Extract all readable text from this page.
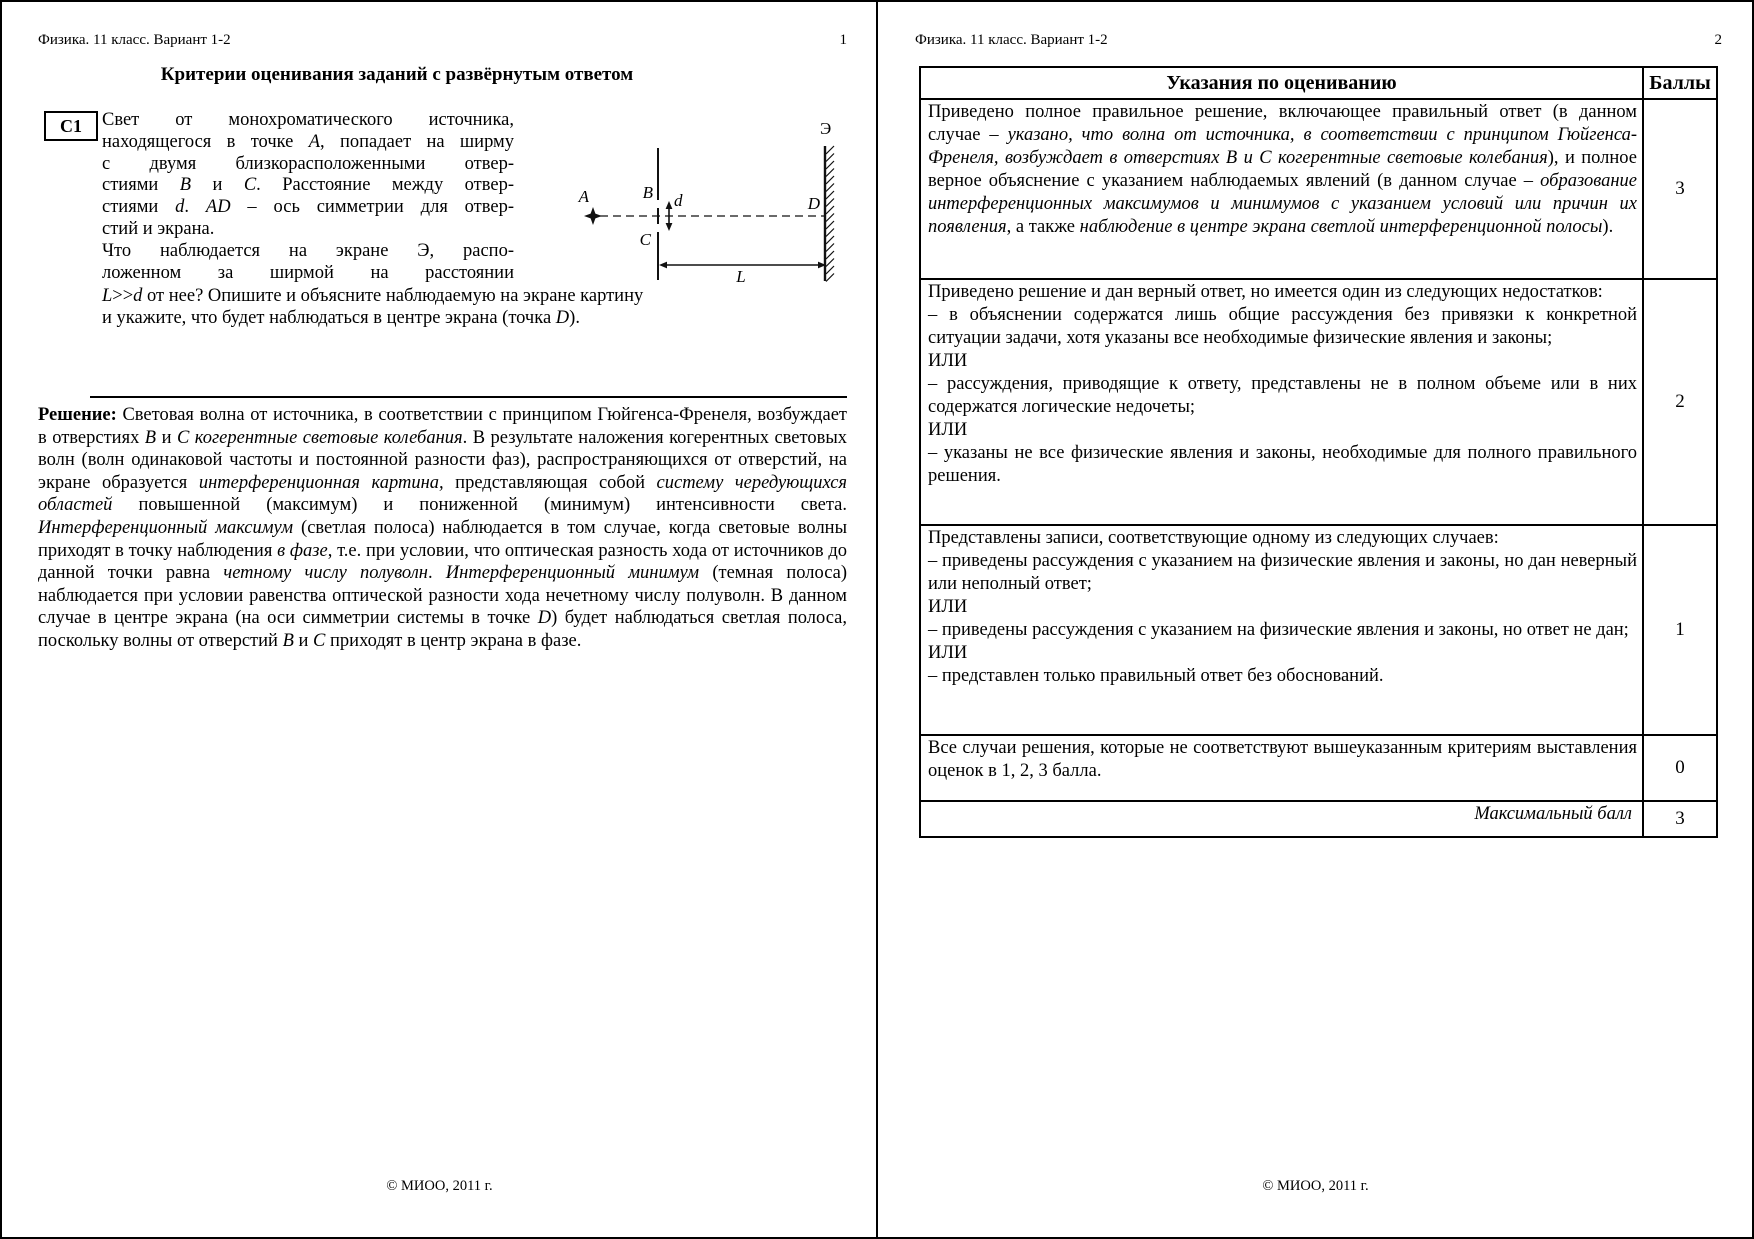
Физика. 11 класс. Вариант 1-2	1
Критерии оценивания заданий с развёрнутым ответом
С1	Свет от монохроматического источника,
находящегося в точке A, попадает на ширму
с двумя близкорасположенными отвер-
стиями B и C. Расстояние между отвер-
стиями d. AD – ось симметрии для отвер-
стий и экрана.
Что наблюдается на экране Э, распо-
ложенном за ширмой на расстоянии
L>>d от нее? Опишите и объясните наблюдаемую на экране картину
и укажите, что будет наблюдаться в центре экрана (точка D).
A	B
C
d
Э
D
L
Решение: Световая волна от источника, в соответствии с принципом Гюйгенса-Френеля, возбуждает в отверстиях B и C когерентные световые колебания. В результате наложения когерентных световых волн (волн одинаковой частоты и постоянной разности фаз), распространяющихся от отверстий, на экране образуется интерференционная картина, представляющая собой систему чередующихся областей повышенной (максимум) и пониженной (минимум) интенсивности света. Интерференционный максимум (светлая полоса) наблюдается в том случае, когда световые волны приходят в точку наблюдения в фазе, т.е. при условии, что оптическая разность хода от источников до данной точки равна четному числу полуволн. Интерференционный минимум (темная полоса) наблюдается при условии равенства оптической разности хода нечетному числу полуволн. В данном случае в центре экрана (на оси симметрии системы в точке D) будет наблюдаться светлая полоса, поскольку волны от отверстий B и C приходят в центр экрана в фазе.
© МИОО, 2011 г.
Физика. 11 класс. Вариант 1-2	2
Указания по оцениванию	Баллы
Приведено полное правильное решение, включающее правильный ответ (в данном случае – указано, что волна от источника, в соответствии с принципом Гюйгенса-Френеля, возбуждает в отверстиях B и C когерентные световые колебания), и полное верное объяснение с указанием наблюдаемых явлений (в данном случае – образование интерференционных максимумов и минимумов с указанием условий или причин их появления, а также наблюдение в центре экрана светлой интерференционной полосы).	3
Приведено решение и дан верный ответ, но имеется один из следующих недостатков:
– в объяснении содержатся лишь общие рассуждения без привязки к конкретной ситуации задачи, хотя указаны все необходимые физические явления и законы;
ИЛИ
– рассуждения, приводящие к ответу, представлены не в полном объеме или в них содержатся логические недочеты;
ИЛИ
– указаны не все физические явления и законы, необходимые для полного правильного решения.	2
Представлены записи, соответствующие одному из следующих случаев:
– приведены рассуждения с указанием на физические явления и законы, но дан неверный или неполный ответ;
ИЛИ
– приведены рассуждения с указанием на физические явления и законы, но ответ не дан;
ИЛИ
– представлен только правильный ответ без обоснований.	1
Все случаи решения, которые не соответствуют вышеуказанным критериям выставления оценок в 1, 2, 3 балла.	0
Максимальный балл	3
© МИОО, 2011 г.
